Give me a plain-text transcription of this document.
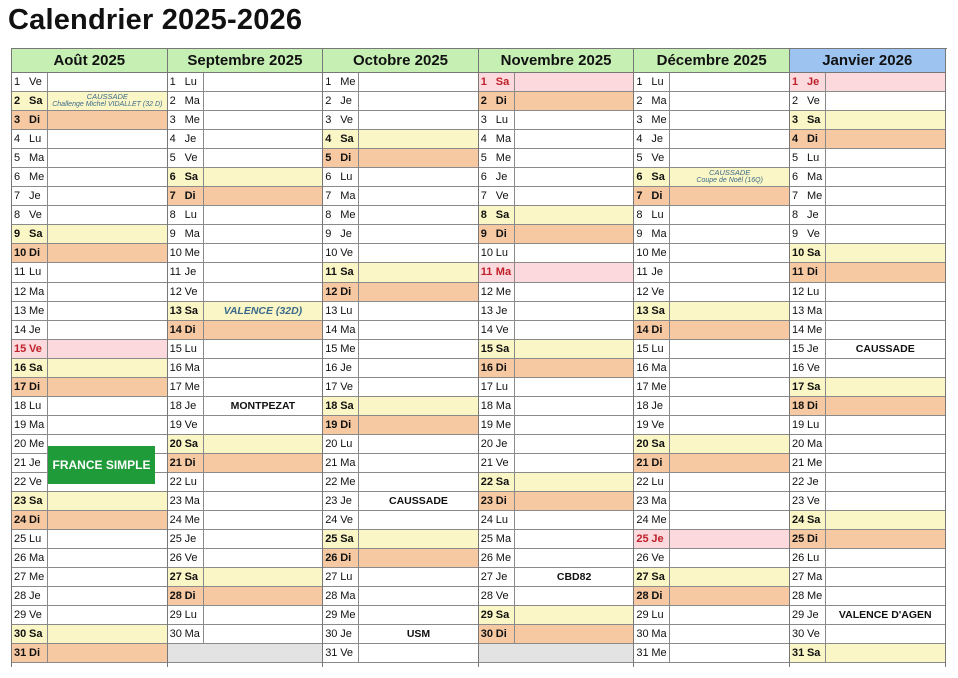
Calendrier 2025-2026
Août 2025
1 Ve
2 Sa	CAUSSADE
Challenge Michel VIDALLET (32 D)
3 Di
4 Lu
5 Ma
6 Me
7 Je
8 Ve
9 Sa
10 Di
11 Lu
12 Ma
13 Me
14 Je
15 Ve
16 Sa
17 Di
18 Lu
19 Ma
20 Me
21 Je
22 Ve
23 Sa
24 Di
25 Lu
26 Ma
27 Me
28 Je
29 Ve
30 Sa
31 Di
Septembre 2025
1 Lu
2 Ma
3 Me
4 Je
5 Ve
6 Sa
7 Di
8 Lu
9 Ma
10 Me
11 Je
12 Ve
13 Sa	VALENCE (32D)
14 Di
15 Lu
16 Ma
17 Me
18 Je	MONTPEZAT
19 Ve
20 Sa
21 Di
22 Lu
23 Ma
24 Me
25 Je
26 Ve
27 Sa
28 Di
29 Lu
30 Ma
Octobre 2025
1 Me
2 Je
3 Ve
4 Sa
5 Di
6 Lu
7 Ma
8 Me
9 Je
10 Ve
11 Sa
12 Di
13 Lu
14 Ma
15 Me
16 Je
17 Ve
18 Sa
19 Di
20 Lu
21 Ma
22 Me
23 Je	CAUSSADE
24 Ve
25 Sa
26 Di
27 Lu
28 Ma
29 Me
30 Je	USM
31 Ve
Novembre 2025
1 Sa
2 Di
3 Lu
4 Ma
5 Me
6 Je
7 Ve
8 Sa
9 Di
10 Lu
11 Ma
12 Me
13 Je
14 Ve
15 Sa
16 Di
17 Lu
18 Ma
19 Me
20 Je
21 Ve
22 Sa
23 Di
24 Lu
25 Ma
26 Me
27 Je	CBD82
28 Ve
29 Sa
30 Di
Décembre 2025
1 Lu
2 Ma
3 Me
4 Je
5 Ve
6 Sa	CAUSSADE
Coupe de Noël (16Q)
7 Di
8 Lu
9 Ma
10 Me
11 Je
12 Ve
13 Sa
14 Di
15 Lu
16 Ma
17 Me
18 Je
19 Ve
20 Sa
21 Di
22 Lu
23 Ma
24 Me
25 Je
26 Ve
27 Sa
28 Di
29 Lu
30 Ma
31 Me
Janvier 2026
1 Je
2 Ve
3 Sa
4 Di
5 Lu
6 Ma
7 Me
8 Je
9 Ve
10 Sa
11 Di
12 Lu
13 Ma
14 Me
15 Je	CAUSSADE
16 Ve
17 Sa
18 Di
19 Lu
20 Ma
21 Me
22 Je
23 Ve
24 Sa
25 Di
26 Lu
27 Ma
28 Me
29 Je	VALENCE D'AGEN
30 Ve
31 Sa
FRANCE SIMPLE
